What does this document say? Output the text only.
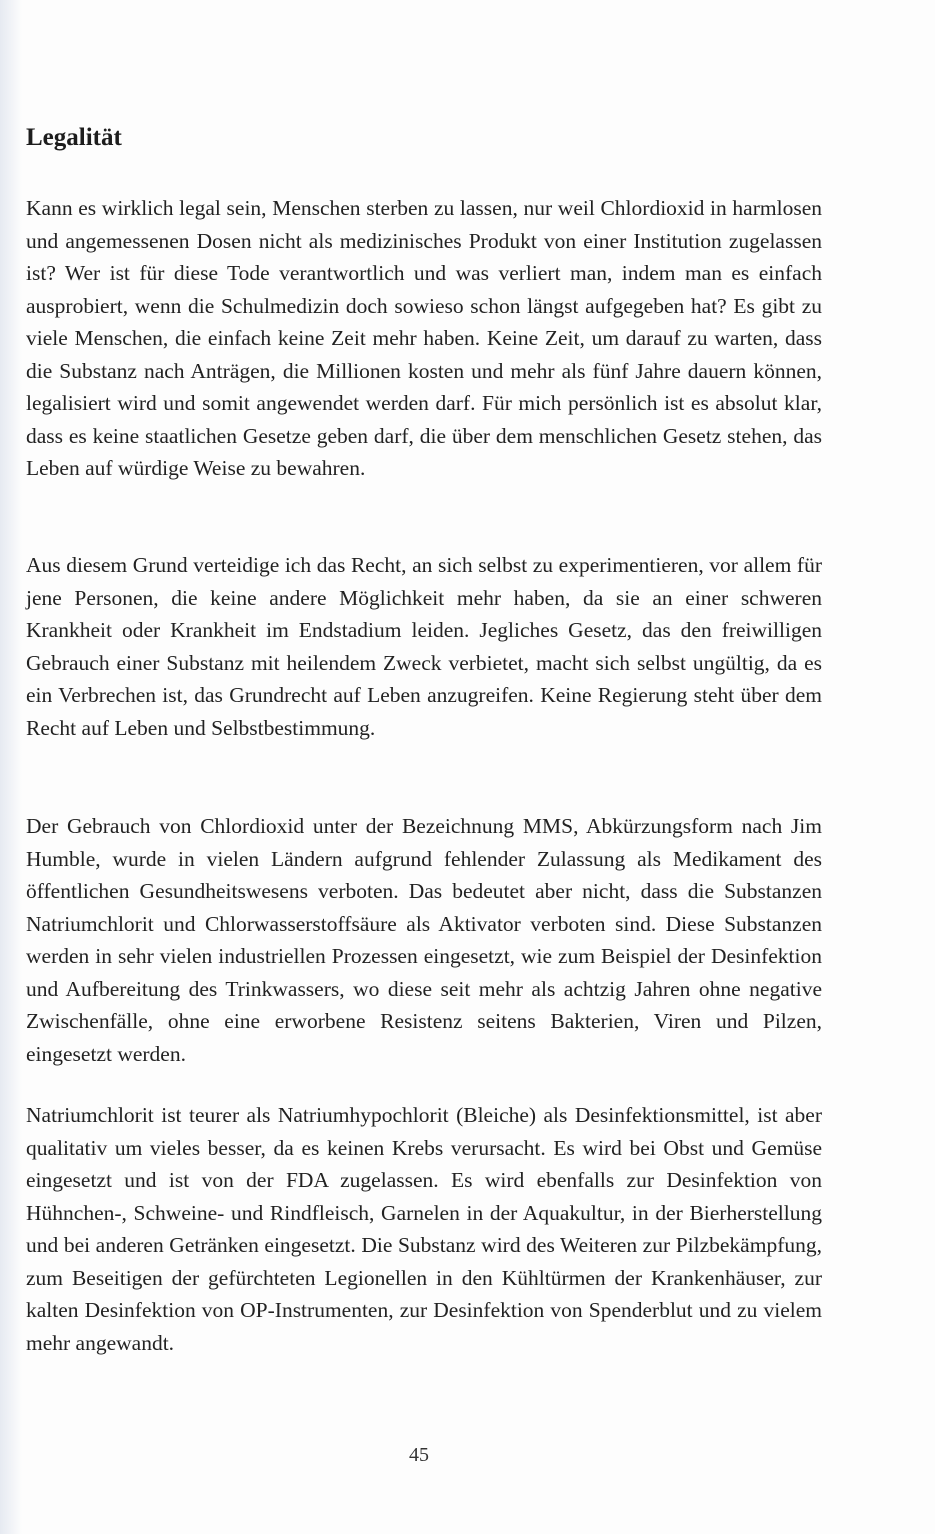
Legalität

Kann es wirklich legal sein, Menschen sterben zu lassen, nur weil Chlordioxid in harmlosen und angemessenen Dosen nicht als medizinisches Produkt von einer Institution zugelassen ist? Wer ist für diese Tode verantwortlich und was verliert man, indem man es einfach ausprobiert, wenn die Schulmedizin doch sowieso schon längst aufgegeben hat? Es gibt zu viele Menschen, die einfach keine Zeit mehr haben. Keine Zeit, um darauf zu warten, dass die Substanz nach Anträgen, die Millionen kosten und mehr als fünf Jahre dauern können, legalisiert wird und somit angewendet werden darf. Für mich persönlich ist es absolut klar, dass es keine staatlichen Gesetze geben darf, die über dem menschlichen Gesetz stehen, das Leben auf würdige Weise zu bewahren.

Aus diesem Grund verteidige ich das Recht, an sich selbst zu experimentieren, vor allem für jene Personen, die keine andere Möglichkeit mehr haben, da sie an einer schweren Krankheit oder Krankheit im Endstadium leiden. Jegliches Gesetz, das den freiwilligen Gebrauch einer Substanz mit heilendem Zweck verbietet, macht sich selbst ungültig, da es ein Verbrechen ist, das Grundrecht auf Leben anzugreifen. Keine Regierung steht über dem Recht auf Leben und Selbstbestimmung.

Der Gebrauch von Chlordioxid unter der Bezeichnung MMS, Abkürzungsform nach Jim Humble, wurde in vielen Ländern aufgrund fehlender Zulassung als Medikament des öffentlichen Gesundheitswesens verboten. Das bedeutet aber nicht, dass die Substanzen Natriumchlorit und Chlorwasserstoffsäure als Aktivator verboten sind. Diese Substanzen werden in sehr vielen industriellen Prozessen eingesetzt, wie zum Beispiel der Desinfektion und Aufbereitung des Trinkwassers, wo diese seit mehr als achtzig Jahren ohne negative Zwischenfälle, ohne eine erworbene Resistenz seitens Bakterien, Viren und Pilzen, eingesetzt werden.

Natriumchlorit ist teurer als Natriumhypochlorit (Bleiche) als Desinfektionsmittel, ist aber qualitativ um vieles besser, da es keinen Krebs verursacht. Es wird bei Obst und Gemüse eingesetzt und ist von der FDA zugelassen. Es wird ebenfalls zur Desinfektion von Hühnchen-, Schweine- und Rindfleisch, Garnelen in der Aquakultur, in der Bierherstellung und bei anderen Getränken eingesetzt. Die Substanz wird des Weiteren zur Pilzbekämpfung, zum Beseitigen der gefürchteten Legionellen in den Kühltürmen der Krankenhäuser, zur kalten Desinfektion von OP-Instrumenten, zur Desinfektion von Spenderblut und zu vielem mehr angewandt.

45
